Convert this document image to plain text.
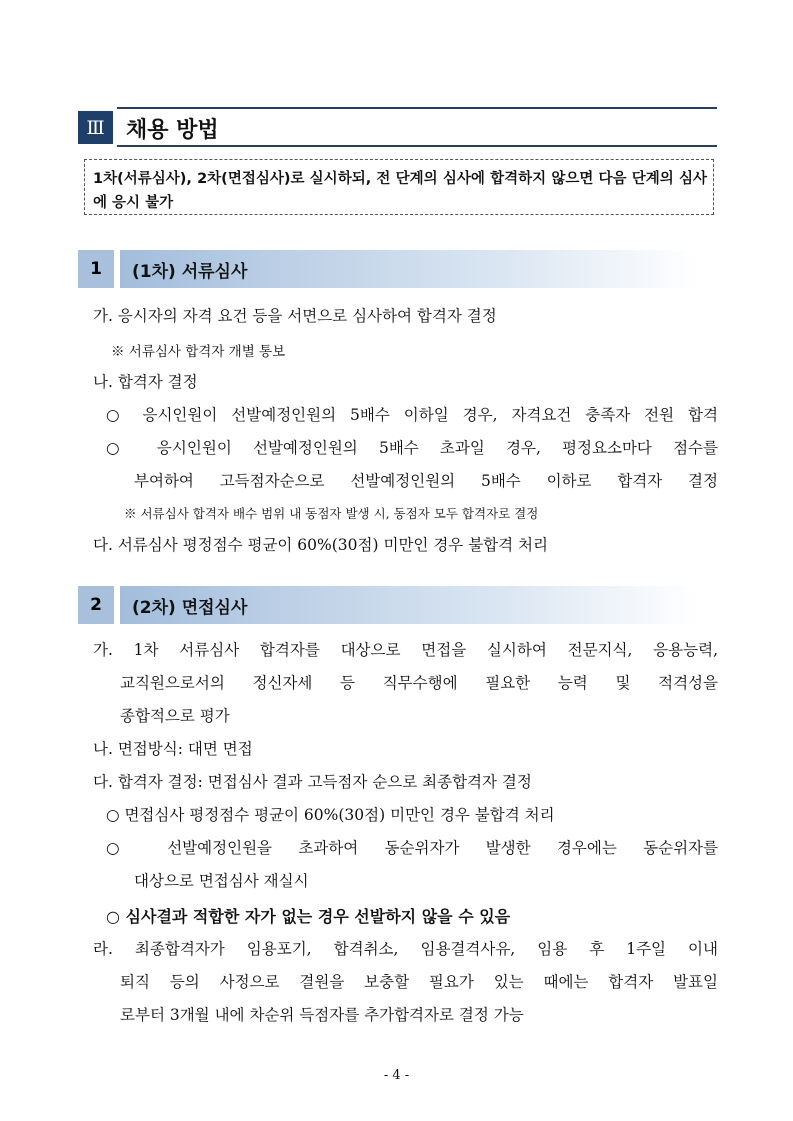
Ⅲ 채용 방법
1차(서류심사), 2차(면접심사)로 실시하되, 전 단계의 심사에 합격하지 않으면 다음 단계의 심사에 응시 불가
1	(1차) 서류심사
가. 응시자의 자격 요건 등을 서면으로 심사하여 합격자 결정
※ 서류심사 합격자 개별 통보
나. 합격자 결정
○ 응시인원이 선발예정인원의 5배수 이하일 경우, 자격요건 충족자 전원 합격
○ 응시인원이 선발예정인원의 5배수 초과일 경우, 평정요소마다 점수를
부여하여 고득점자순으로 선발예정인원의 5배수 이하로 합격자 결정
※ 서류심사 합격자 배수 범위 내 동점자 발생 시, 동점자 모두 합격자로 결정
다. 서류심사 평정점수 평균이 60%(30점) 미만인 경우 불합격 처리
2	(2차) 면접심사
가. 1차 서류심사 합격자를 대상으로 면접을 실시하여 전문지식, 응용능력,
교직원으로서의 정신자세 등 직무수행에 필요한 능력 및 적격성을
종합적으로 평가
나. 면접방식: 대면 면접
다. 합격자 결정: 면접심사 결과 고득점자 순으로 최종합격자 결정
○ 면접심사 평정점수 평균이 60%(30점) 미만인 경우 불합격 처리
○ 선발예정인원을 초과하여 동순위자가 발생한 경우에는 동순위자를
대상으로 면접심사 재실시
○ 심사결과 적합한 자가 없는 경우 선발하지 않을 수 있음
라. 최종합격자가 임용포기, 합격취소, 임용결격사유, 임용 후 1주일 이내
퇴직 등의 사정으로 결원을 보충할 필요가 있는 때에는 합격자 발표일
로부터 3개월 내에 차순위 득점자를 추가합격자로 결정 가능
- 4 -
